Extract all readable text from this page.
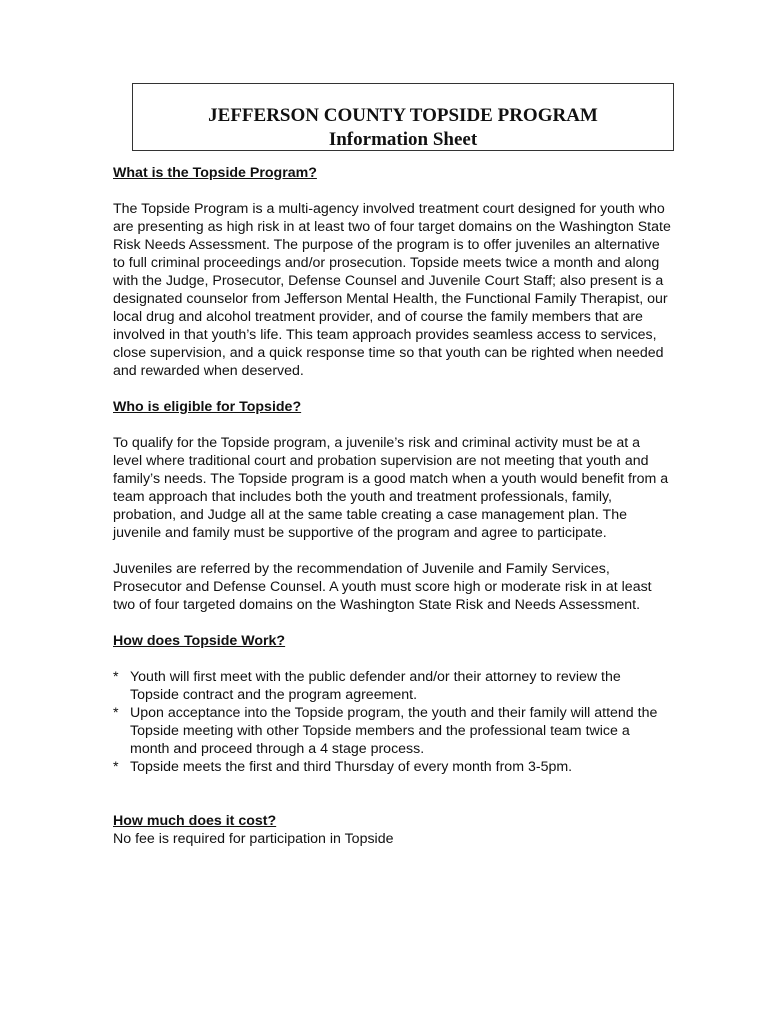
JEFFERSON COUNTY TOPSIDE PROGRAM
Information Sheet

What is the Topside Program?

The Topside Program is a multi-agency involved treatment court designed for youth who are presenting as high risk in at least two of four target domains on the Washington State Risk Needs Assessment. The purpose of the program is to offer juveniles an alternative to full criminal proceedings and/or prosecution. Topside meets twice a month and along with the Judge, Prosecutor, Defense Counsel and Juvenile Court Staff; also present is a designated counselor from Jefferson Mental Health, the Functional Family Therapist, our local drug and alcohol treatment provider, and of course the family members that are involved in that youth’s life. This team approach provides seamless access to services, close supervision, and a quick response time so that youth can be righted when needed and rewarded when deserved.

Who is eligible for Topside?

To qualify for the Topside program, a juvenile’s risk and criminal activity must be at a level where traditional court and probation supervision are not meeting that youth and family’s needs. The Topside program is a good match when a youth would benefit from a team approach that includes both the youth and treatment professionals, family, probation, and Judge all at the same table creating a case management plan. The juvenile and family must be supportive of the program and agree to participate.

Juveniles are referred by the recommendation of Juvenile and Family Services, Prosecutor and Defense Counsel. A youth must score high or moderate risk in at least two of four targeted domains on the Washington State Risk and Needs Assessment.

How does Topside Work?

* Youth will first meet with the public defender and/or their attorney to review the Topside contract and the program agreement.
* Upon acceptance into the Topside program, the youth and their family will attend the Topside meeting with other Topside members and the professional team twice a month and proceed through a 4 stage process.
* Topside meets the first and third Thursday of every month from 3-5pm.

How much does it cost?

No fee is required for participation in Topside
